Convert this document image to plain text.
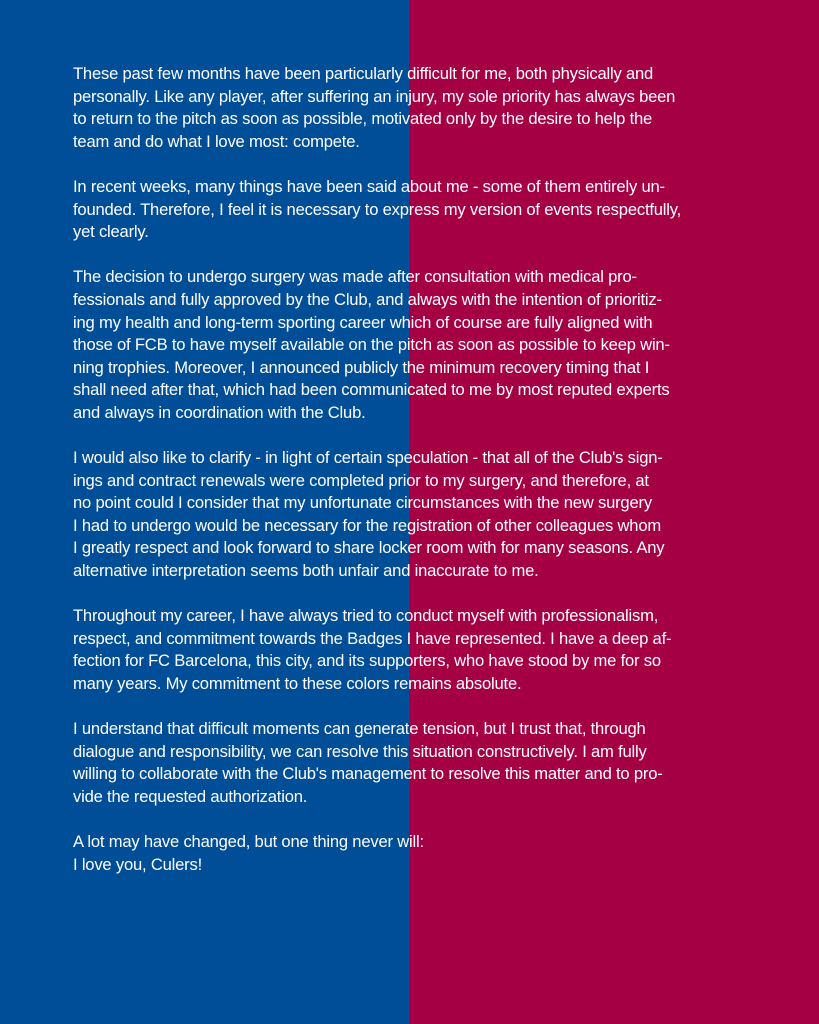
These past few months have been particularly difficult for me, both physically and
personally. Like any player, after suffering an injury, my sole priority has always been
to return to the pitch as soon as possible, motivated only by the desire to help the
team and do what I love most: compete.
In recent weeks, many things have been said about me - some of them entirely un-
founded. Therefore, I feel it is necessary to express my version of events respectfully,
yet clearly.
The decision to undergo surgery was made after consultation with medical pro-
fessionals and fully approved by the Club, and always with the intention of prioritiz-
ing my health and long-term sporting career which of course are fully aligned with
those of FCB to have myself available on the pitch as soon as possible to keep win-
ning trophies. Moreover, I announced publicly the minimum recovery timing that I
shall need after that, which had been communicated to me by most reputed experts
and always in coordination with the Club.
I would also like to clarify - in light of certain speculation - that all of the Club's sign-
ings and contract renewals were completed prior to my surgery, and therefore, at
no point could I consider that my unfortunate circumstances with the new surgery
I had to undergo would be necessary for the registration of other colleagues whom
I greatly respect and look forward to share locker room with for many seasons. Any
alternative interpretation seems both unfair and inaccurate to me.
Throughout my career, I have always tried to conduct myself with professionalism,
respect, and commitment towards the Badges I have represented. I have a deep af-
fection for FC Barcelona, this city, and its supporters, who have stood by me for so
many years. My commitment to these colors remains absolute.
I understand that difficult moments can generate tension, but I trust that, through
dialogue and responsibility, we can resolve this situation constructively. I am fully
willing to collaborate with the Club's management to resolve this matter and to pro-
vide the requested authorization.
A lot may have changed, but one thing never will:
I love you, Culers!
